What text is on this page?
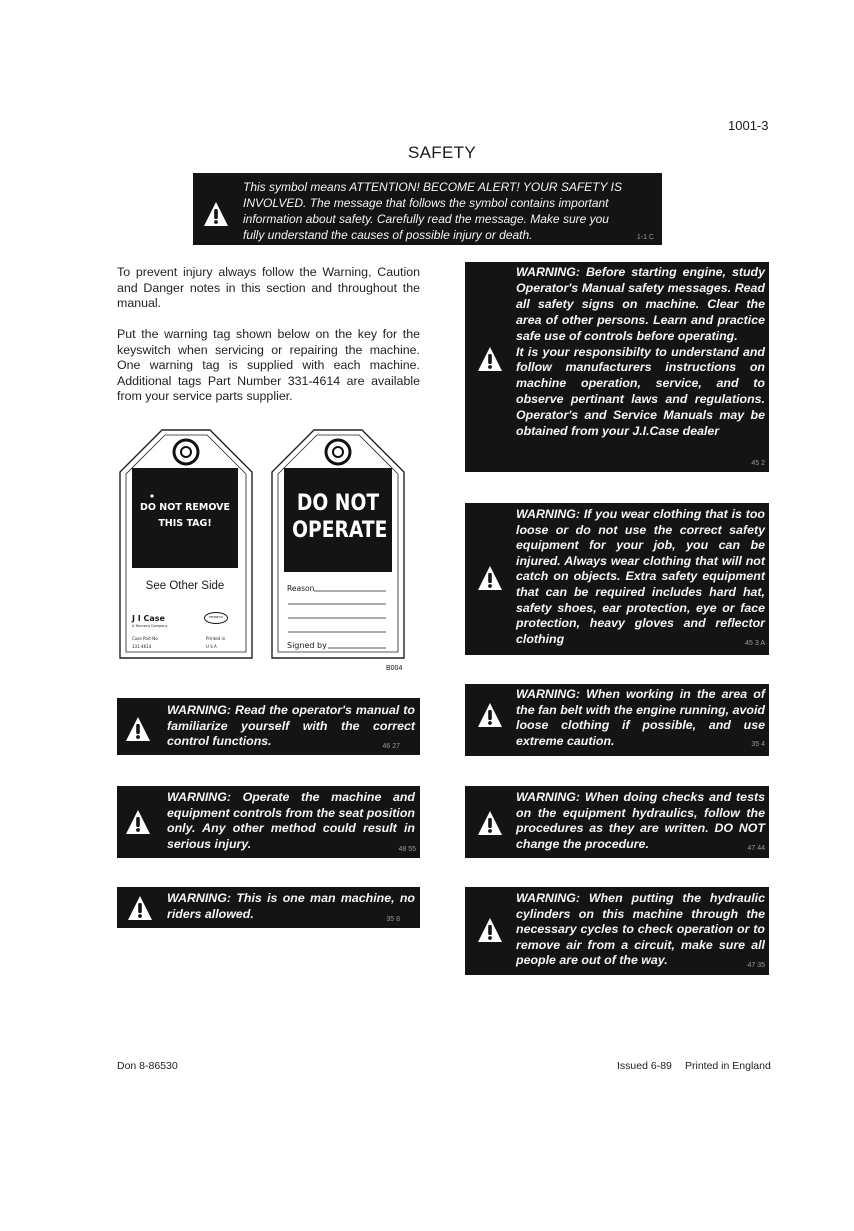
1001-3
SAFETY
This symbol means ATTENTION! BECOME ALERT! YOUR SAFETY IS
INVOLVED. The message that follows the symbol contains important
information about safety. Carefully read the message. Make sure you
fully understand the causes of possible injury or death.	1-1 C
To prevent injury always follow the Warning, Caution and Danger notes in this section and throughout the manual.
Put the warning tag shown below on the key for the keyswitch when servicing or repairing the machine. One warning tag is supplied with each machine. Additional tags Part Number 331-4614 are available from your service parts supplier.
DO NOT REMOVE
THIS TAG!
See Other Side
J I Case
A Tenneco Company
Case Part No
331-4614
TENNECO
Printed in
U S A
DO NOT
OPERATE
Reason
Signed by
B004
WARNING: Read the operator's manual to familiarize yourself with the correct control functions.	46 27
WARNING: Operate the machine and equipment controls from the seat position only. Any other method could result in serious injury.	48 55
WARNING: This is one man machine, no riders allowed.	35 8
WARNING: Before starting engine, study Operator's Manual safety messages. Read all safety signs on machine. Clear the area of other persons. Learn and practice safe use of controls before operating.
It is your responsibilty to understand and follow manufacturers instructions on machine operation, service, and to observe pertinant laws and regulations. Operator's and Service Manuals may be obtained from your J.I.Case dealer
45 2
WARNING: If you wear clothing that is too loose or do not use the correct safety equipment for your job, you can be injured. Always wear clothing that will not catch on objects. Extra safety equipment that can be required includes hard hat, safety shoes, ear protection, eye or face protection, heavy gloves and reflector clothing	45 3 A
WARNING: When working in the area of the fan belt with the engine running, avoid loose clothing if possible, and use extreme caution.	35 4
WARNING: When doing checks and tests on the equipment hydraulics, follow the procedures as they are written. DO NOT change the procedure.	47 44
WARNING: When putting the hydraulic cylinders on this machine through the necessary cycles to check operation or to remove air from a circuit, make sure all people are out of the way.	47 35
Don 8-86530	Issued 6-89 Printed in England
